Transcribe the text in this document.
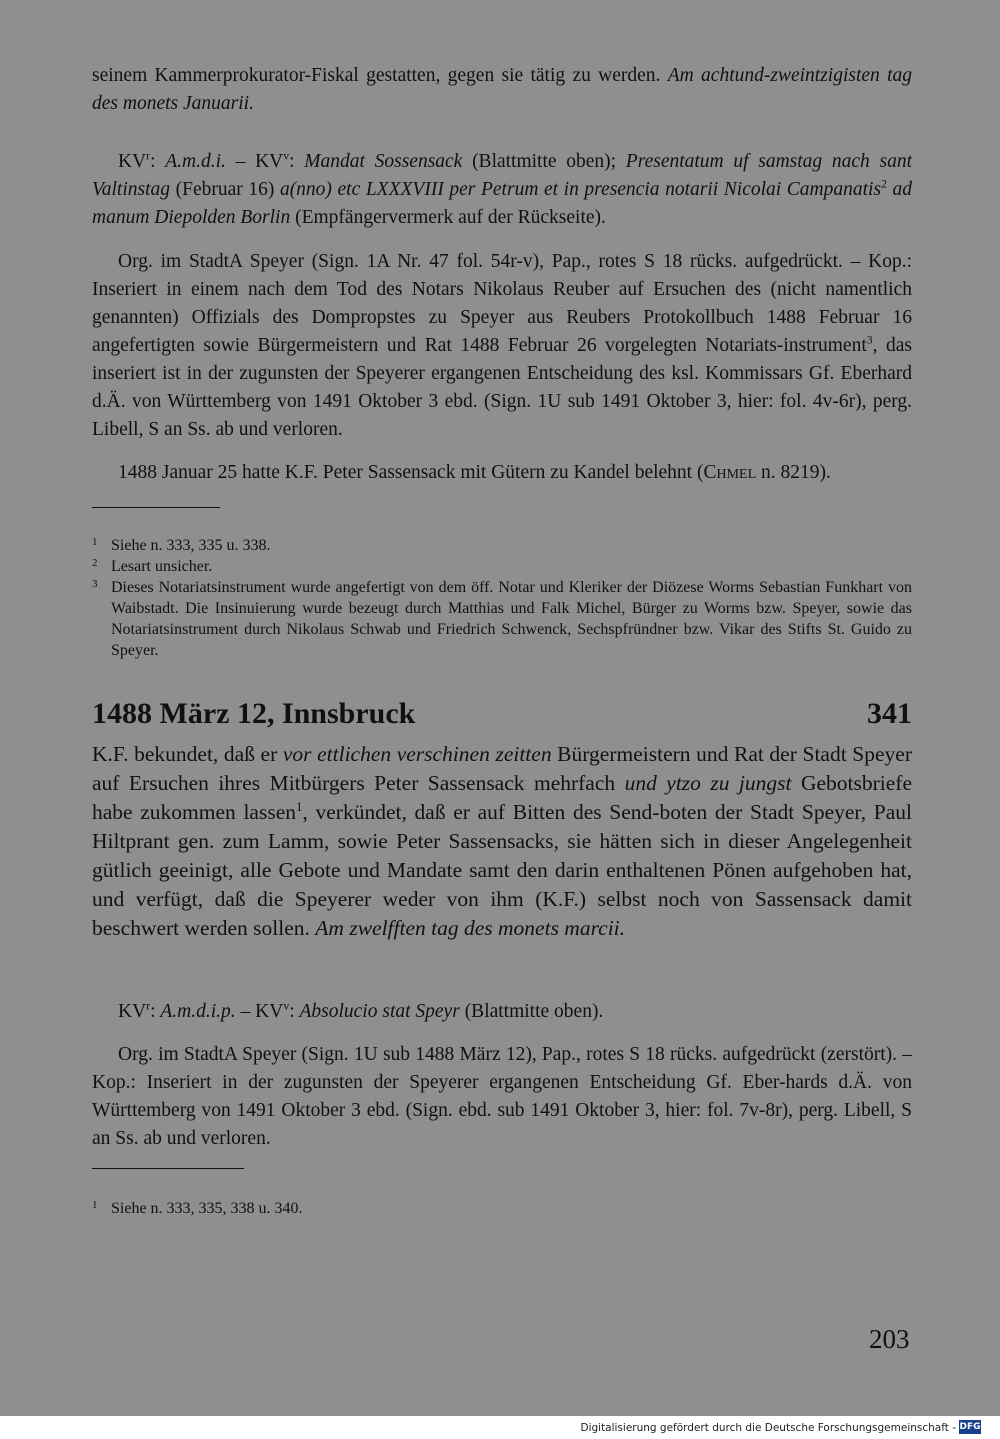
seinem Kammerprokurator-Fiskal gestatten, gegen sie tätig zu werden. Am achtund-zweintzigisten tag des monets Januarii.
$KV^r$: A.m.d.i. – $KV^v$: Mandat Sossensack (Blattmitte oben); Presentatum uf samstag nach sant Valtinstag (Februar 16) a(nno) etc LXXXVIII per Petrum et in presencia notarii Nicolai Campanatis$^2$ ad manum Diepolden Borlin (Empfängervermerk auf der Rückseite).
Org. im StadtA Speyer (Sign. 1A Nr. 47 fol. 54r-v), Pap., rotes S 18 rücks. aufgedrückt. – Kop.: Inseriert in einem nach dem Tod des Notars Nikolaus Reuber auf Ersuchen des (nicht namentlich genannten) Offizials des Dompropstes zu Speyer aus Reubers Protokollbuch 1488 Februar 16 angefertigten sowie Bürgermeistern und Rat 1488 Februar 26 vorgelegten Notariats-instrument$^3$, das inseriert ist in der zugunsten der Speyerer ergangenen Entscheidung des ksl. Kommissars Gf. Eberhard d.Ä. von Württemberg von 1491 Oktober 3 ebd. (Sign. 1U sub 1491 Oktober 3, hier: fol. 4v-6r), perg. Libell, S an Ss. ab und verloren.
1488 Januar 25 hatte K.F. Peter Sassensack mit Gütern zu Kandel belehnt (Chmel n. 8219).
1 Siehe n. 333, 335 u. 338.
2 Lesart unsicher.
3 Dieses Notariatsinstrument wurde angefertigt von dem öff. Notar und Kleriker der Diözese Worms Sebastian Funkhart von Waibstadt. Die Insinuierung wurde bezeugt durch Matthias und Falk Michel, Bürger zu Worms bzw. Speyer, sowie das Notariatsinstrument durch Nikolaus Schwab und Friedrich Schwenck, Sechspfründner bzw. Vikar des Stifts St. Guido zu Speyer.
1488 März 12, Innsbruck	341
K.F. bekundet, daß er vor ettlichen verschinen zeitten Bürgermeistern und Rat der Stadt Speyer auf Ersuchen ihres Mitbürgers Peter Sassensack mehrfach und ytzo zu jungst Gebotsbriefe habe zukommen lassen$^1$, verkündet, daß er auf Bitten des Send-boten der Stadt Speyer, Paul Hiltprant gen. zum Lamm, sowie Peter Sassensacks, sie hätten sich in dieser Angelegenheit gütlich geeinigt, alle Gebote und Mandate samt den darin enthaltenen Pönen aufgehoben hat, und verfügt, daß die Speyerer weder von ihm (K.F.) selbst noch von Sassensack damit beschwert werden sollen. Am zwelfften tag des monets marcii.
$KV^r$: A.m.d.i.p. – $KV^v$: Absolucio stat Speyr (Blattmitte oben).
Org. im StadtA Speyer (Sign. 1U sub 1488 März 12), Pap., rotes S 18 rücks. aufgedrückt (zerstört). – Kop.: Inseriert in der zugunsten der Speyerer ergangenen Entscheidung Gf. Eber-hards d.Ä. von Württemberg von 1491 Oktober 3 ebd. (Sign. ebd. sub 1491 Oktober 3, hier: fol. 7v-8r), perg. Libell, S an Ss. ab und verloren.
1 Siehe n. 333, 335, 338 u. 340.
203
Digitalisierung gefördert durch die Deutsche Forschungsgemeinschaft - DFG
